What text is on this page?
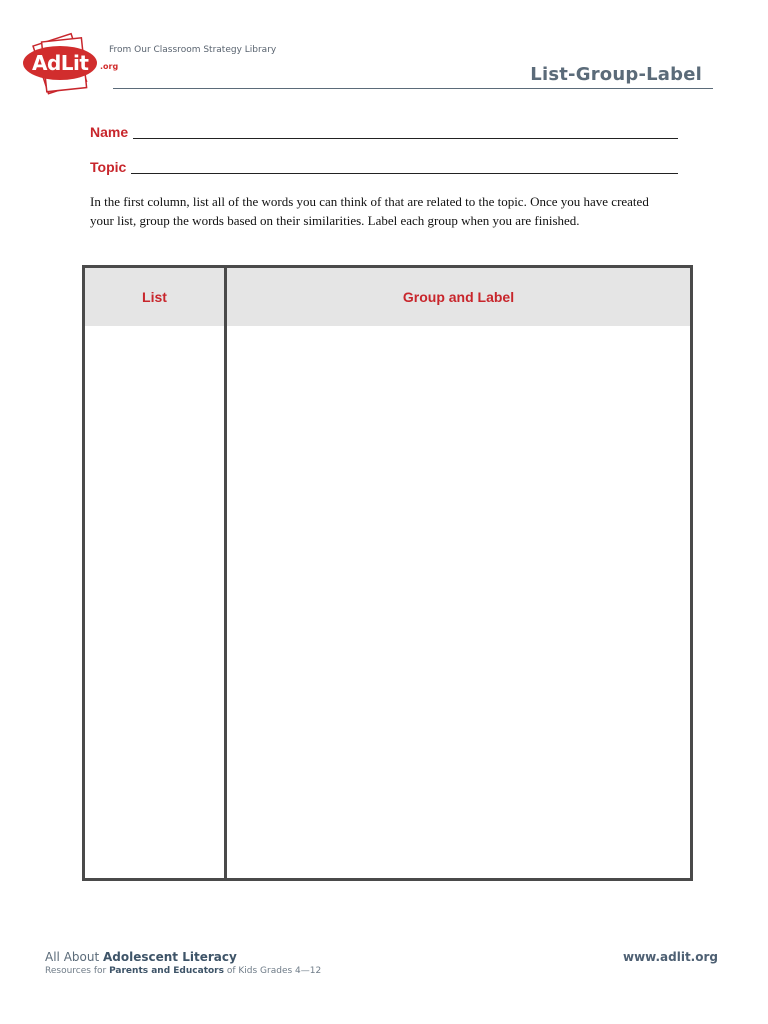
AdLit	.org
From Our Classroom Strategy Library
List-Group-Label
Name
Topic

In the first column, list all of the words you can think of that are related to the topic. Once you have created your list, group the words based on their similarities. Label each group when you are finished.

List	Group and Label
All About Adolescent Literacy
Resources for Parents and Educators of Kids Grades 4—12
www.adlit.org
